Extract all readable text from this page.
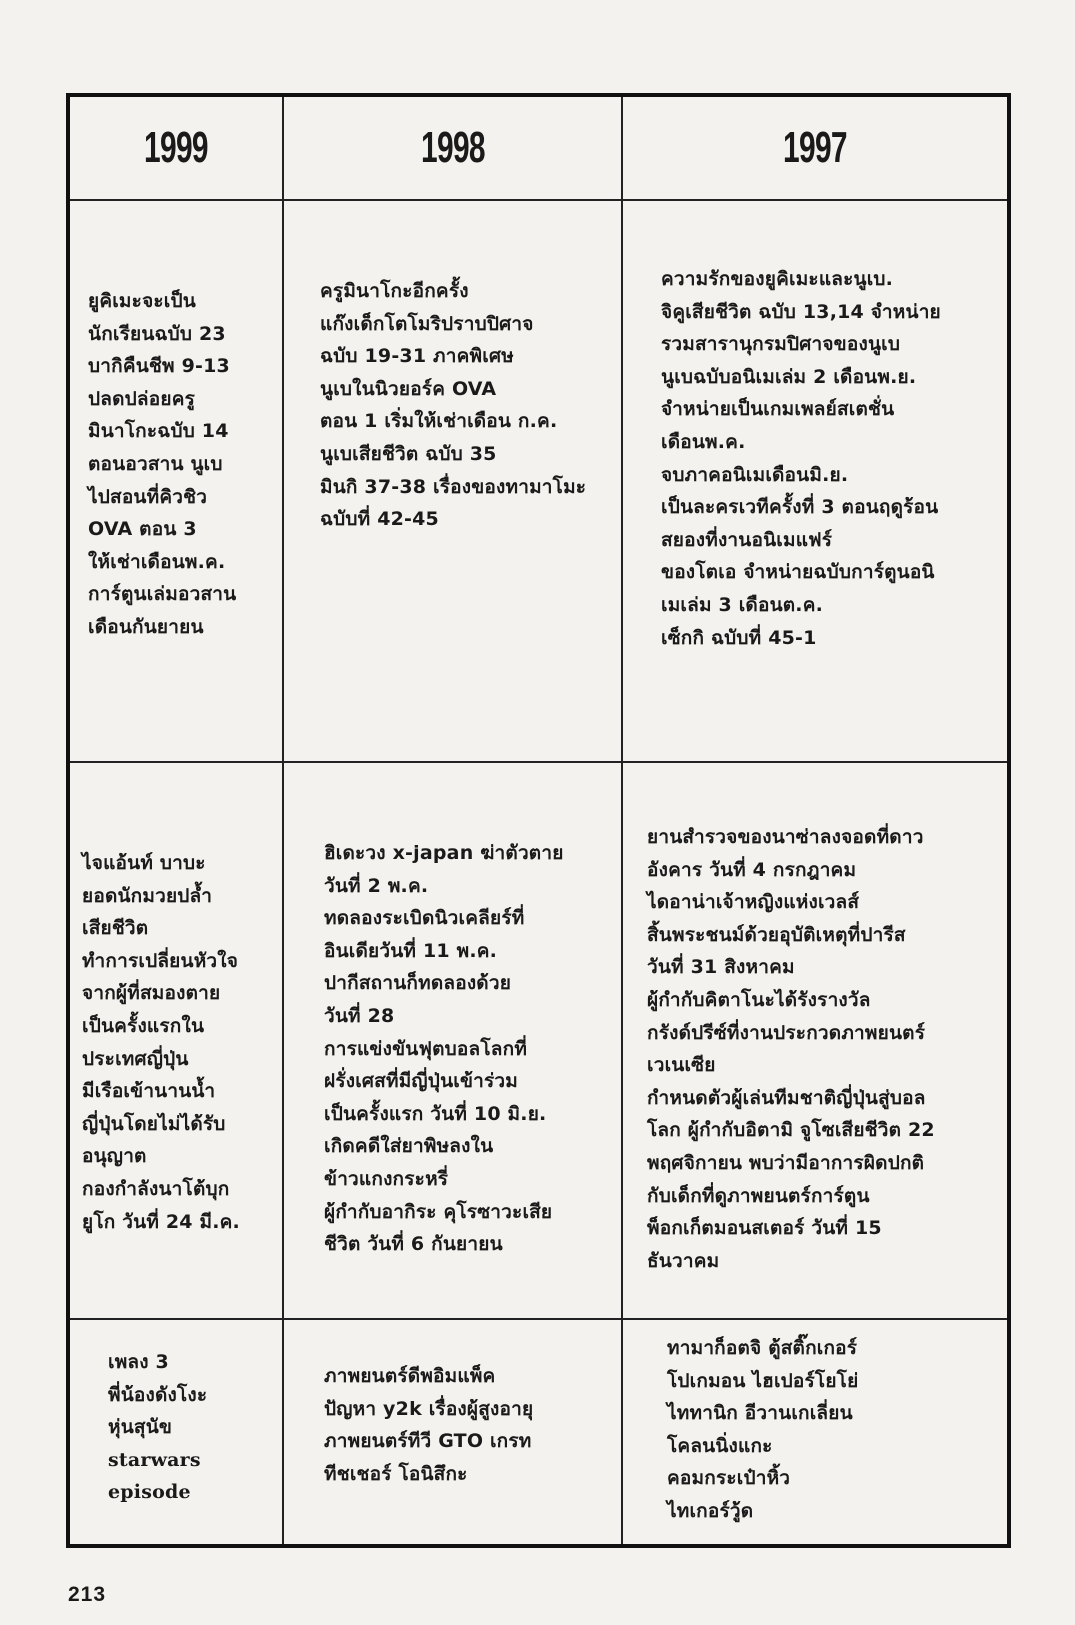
1999	1998	1997
ยูคิเมะจะเป็น
นักเรียนฉบับ 23
บากิคืนชีพ 9-13
ปลดปล่อยครู
มินาโกะฉบับ 14
ตอนอวสาน นูเบ
ไปสอนที่คิวชิว
OVA ตอน 3
ให้เช่าเดือนพ.ค.
การ์ตูนเล่มอวสาน
เดือนกันยายน
ครูมินาโกะอีกครั้ง
แก๊งเด็กโตโมริปราบปิศาจ
ฉบับ 19-31 ภาคพิเศษ
นูเบในนิวยอร์ค OVA
ตอน 1 เริ่มให้เช่าเดือน ก.ค.
นูเบเสียชีวิต ฉบับ 35
มินกิ 37-38 เรื่องของทามาโมะ
ฉบับที่ 42-45
ความรักของยูคิเมะและนูเบ.
จิคูเสียชีวิต ฉบับ 13,14 จำหน่าย
รวมสารานุกรมปิศาจของนูเบ
นูเบฉบับอนิเมเล่ม 2 เดือนพ.ย.
จำหน่ายเป็นเกมเพลย์สเตชั่น
เดือนพ.ค.
จบภาคอนิเมเดือนมิ.ย.
เป็นละครเวทีครั้งที่ 3 ตอนฤดูร้อน
สยองที่งานอนิเมแฟร์
ของโตเอ จำหน่ายฉบับการ์ตูนอนิ
เมเล่ม 3 เดือนต.ค.
เซ็กกิ ฉบับที่ 45-1
ไจแอ้นท์ บาบะ
ยอดนักมวยปล้ำ
เสียชีวิต
ทำการเปลี่ยนหัวใจ
จากผู้ที่สมองตาย
เป็นครั้งแรกใน
ประเทศญี่ปุ่น
มีเรือเข้านานน้ำ
ญี่ปุ่นโดยไม่ได้รับ
อนุญาต
กองกำลังนาโต้บุก
ยูโก วันที่ 24 มี.ค.
ฮิเดะวง x-japan ฆ่าตัวตาย
วันที่ 2 พ.ค.
ทดลองระเบิดนิวเคลียร์ที่
อินเดียวันที่ 11 พ.ค.
ปากีสถานก็ทดลองด้วย
วันที่ 28
การแข่งขันฟุตบอลโลกที่
ฝรั่งเศสที่มีญี่ปุ่นเข้าร่วม
เป็นครั้งแรก วันที่ 10 มิ.ย.
เกิดคดีใส่ยาพิษลงใน
ข้าวแกงกระหรี่
ผู้กำกับอากิระ คุโรซาวะเสีย
ชีวิต วันที่ 6 กันยายน
ยานสำรวจของนาซ่าลงจอดที่ดาว
อังคาร วันที่ 4 กรกฎาคม
ไดอาน่าเจ้าหญิงแห่งเวลส์
สิ้นพระชนม์ด้วยอุบัติเหตุที่ปารีส
วันที่ 31 สิงหาคม
ผู้กำกับคิตาโนะได้รังรางวัล
กรังด์ปรีซ์ที่งานประกวดภาพยนตร์
เวเนเซีย
กำหนดตัวผู้เล่นทีมชาติญี่ปุ่นสู่บอล
โลก ผู้กำกับอิตามิ จูโซเสียชีวิต 22
พฤศจิกายน พบว่ามีอาการผิดปกติ
กับเด็กที่ดูภาพยนตร์การ์ตูน
พ็อกเก็ตมอนสเตอร์ วันที่ 15
ธันวาคม
เพลง 3
พี่น้องดังโงะ
หุ่นสุนัข
starwars
episode
ภาพยนตร์ดีพอิมแพ็ค
ปัญหา y2k เรื่องผู้สูงอายุ
ภาพยนตร์ทีวี GTO เกรท
ทีชเชอร์ โอนิสึกะ
ทามาก็อตจิ ตู้สติ๊กเกอร์
โปเกมอน ไฮเปอร์โยโย่
ไททานิก อีวานเกเลี่ยน
โคลนนิ่งแกะ
คอมกระเป๋าหิ้ว
ไทเกอร์วู้ด
213
